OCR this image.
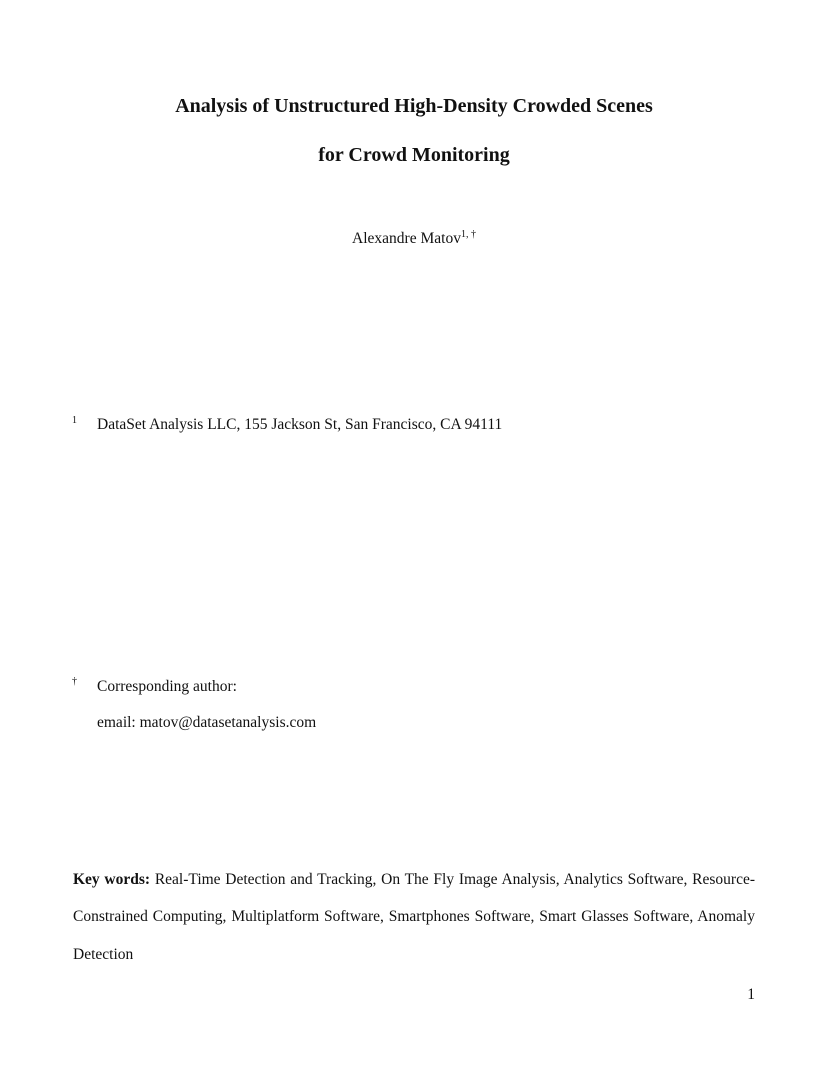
Analysis of Unstructured High-Density Crowded Scenes
for Crowd Monitoring
Alexandre Matov$^{1, \dagger}$
1 DataSet Analysis LLC, 155 Jackson St, San Francisco, CA 94111
† Corresponding author:
email: matov@datasetanalysis.com
Key words: Real-Time Detection and Tracking, On The Fly Image Analysis, Analytics Software, Resource-Constrained Computing, Multiplatform Software, Smartphones Software, Smart Glasses Software, Anomaly Detection
1
